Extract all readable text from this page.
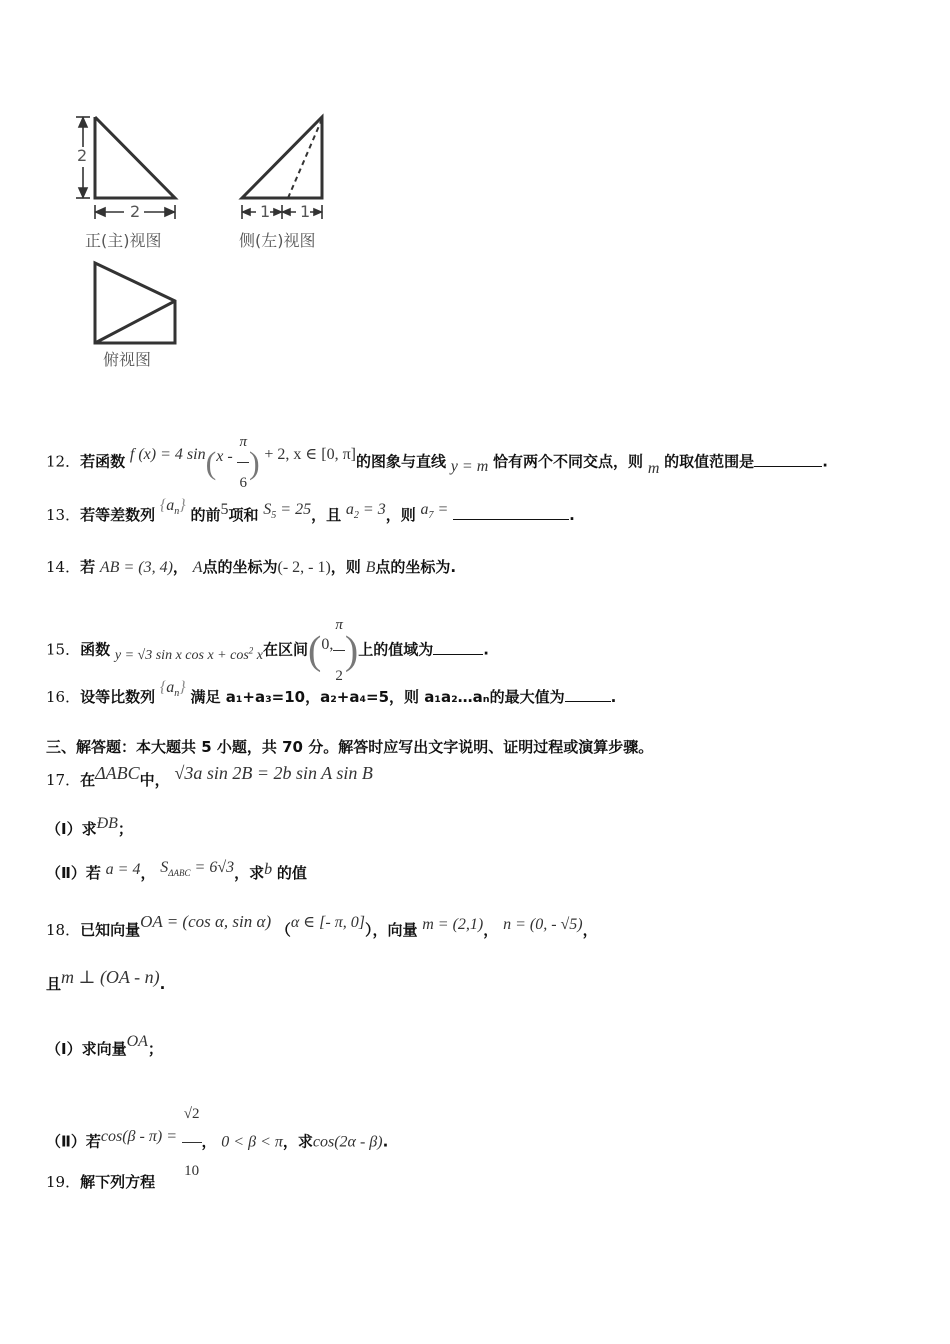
2
2	1 1
正(主)视图	侧(左)视图
俯视图
12．若函数 f (x) = 4 $\sin(x - \frac{\pi}{6}$ ) + 2, x ∈ [0, π]的图象与直线 y = m 恰有两个不同交点，则 m 的取值范围是	.
13．若等差数列 $\{a_n\}$ 的前5项和 $S_5 = 25$，且 $a_2 = 3$，则 $a_7$ =	.
14．若 AB = (3, 4)， A点的坐标为(- 2, - 1)，则 B点的坐标为.
15．函数 y = √3 sin x $\cos x + \cos^2 x$在区间(0, $\frac{\pi}{2}$ )上的值域为	.
16．设等比数列 $\{a_n\}$ 满足 a₁+a₃=10，a₂+a₄=5，则 a₁a₂…aₙ的最大值为	.
三、解答题：本大题共 5 小题，共 70 分。解答时应写出文字说明、证明过程或演算步骤。
17．在ΔABC中， √3a sin 2B = 2b sin A sin B
（Ⅰ）求ÐB；
（Ⅱ）若 a = 4， $S_{\Delta ABC} = 6√3$，求b 的值
18．已知向量OA = (cos α, sin α) （α ∈ [- π, 0]），向量 m = (2,1)， n = (0, - √5)，
且m ⊥ (OA - n).
（Ⅰ）求向量OA；
（Ⅱ）若$\cos(\beta - \pi) = \frac{√2}{10}$ ， 0 < β < π，求cos(2α - β).
19．解下列方程
